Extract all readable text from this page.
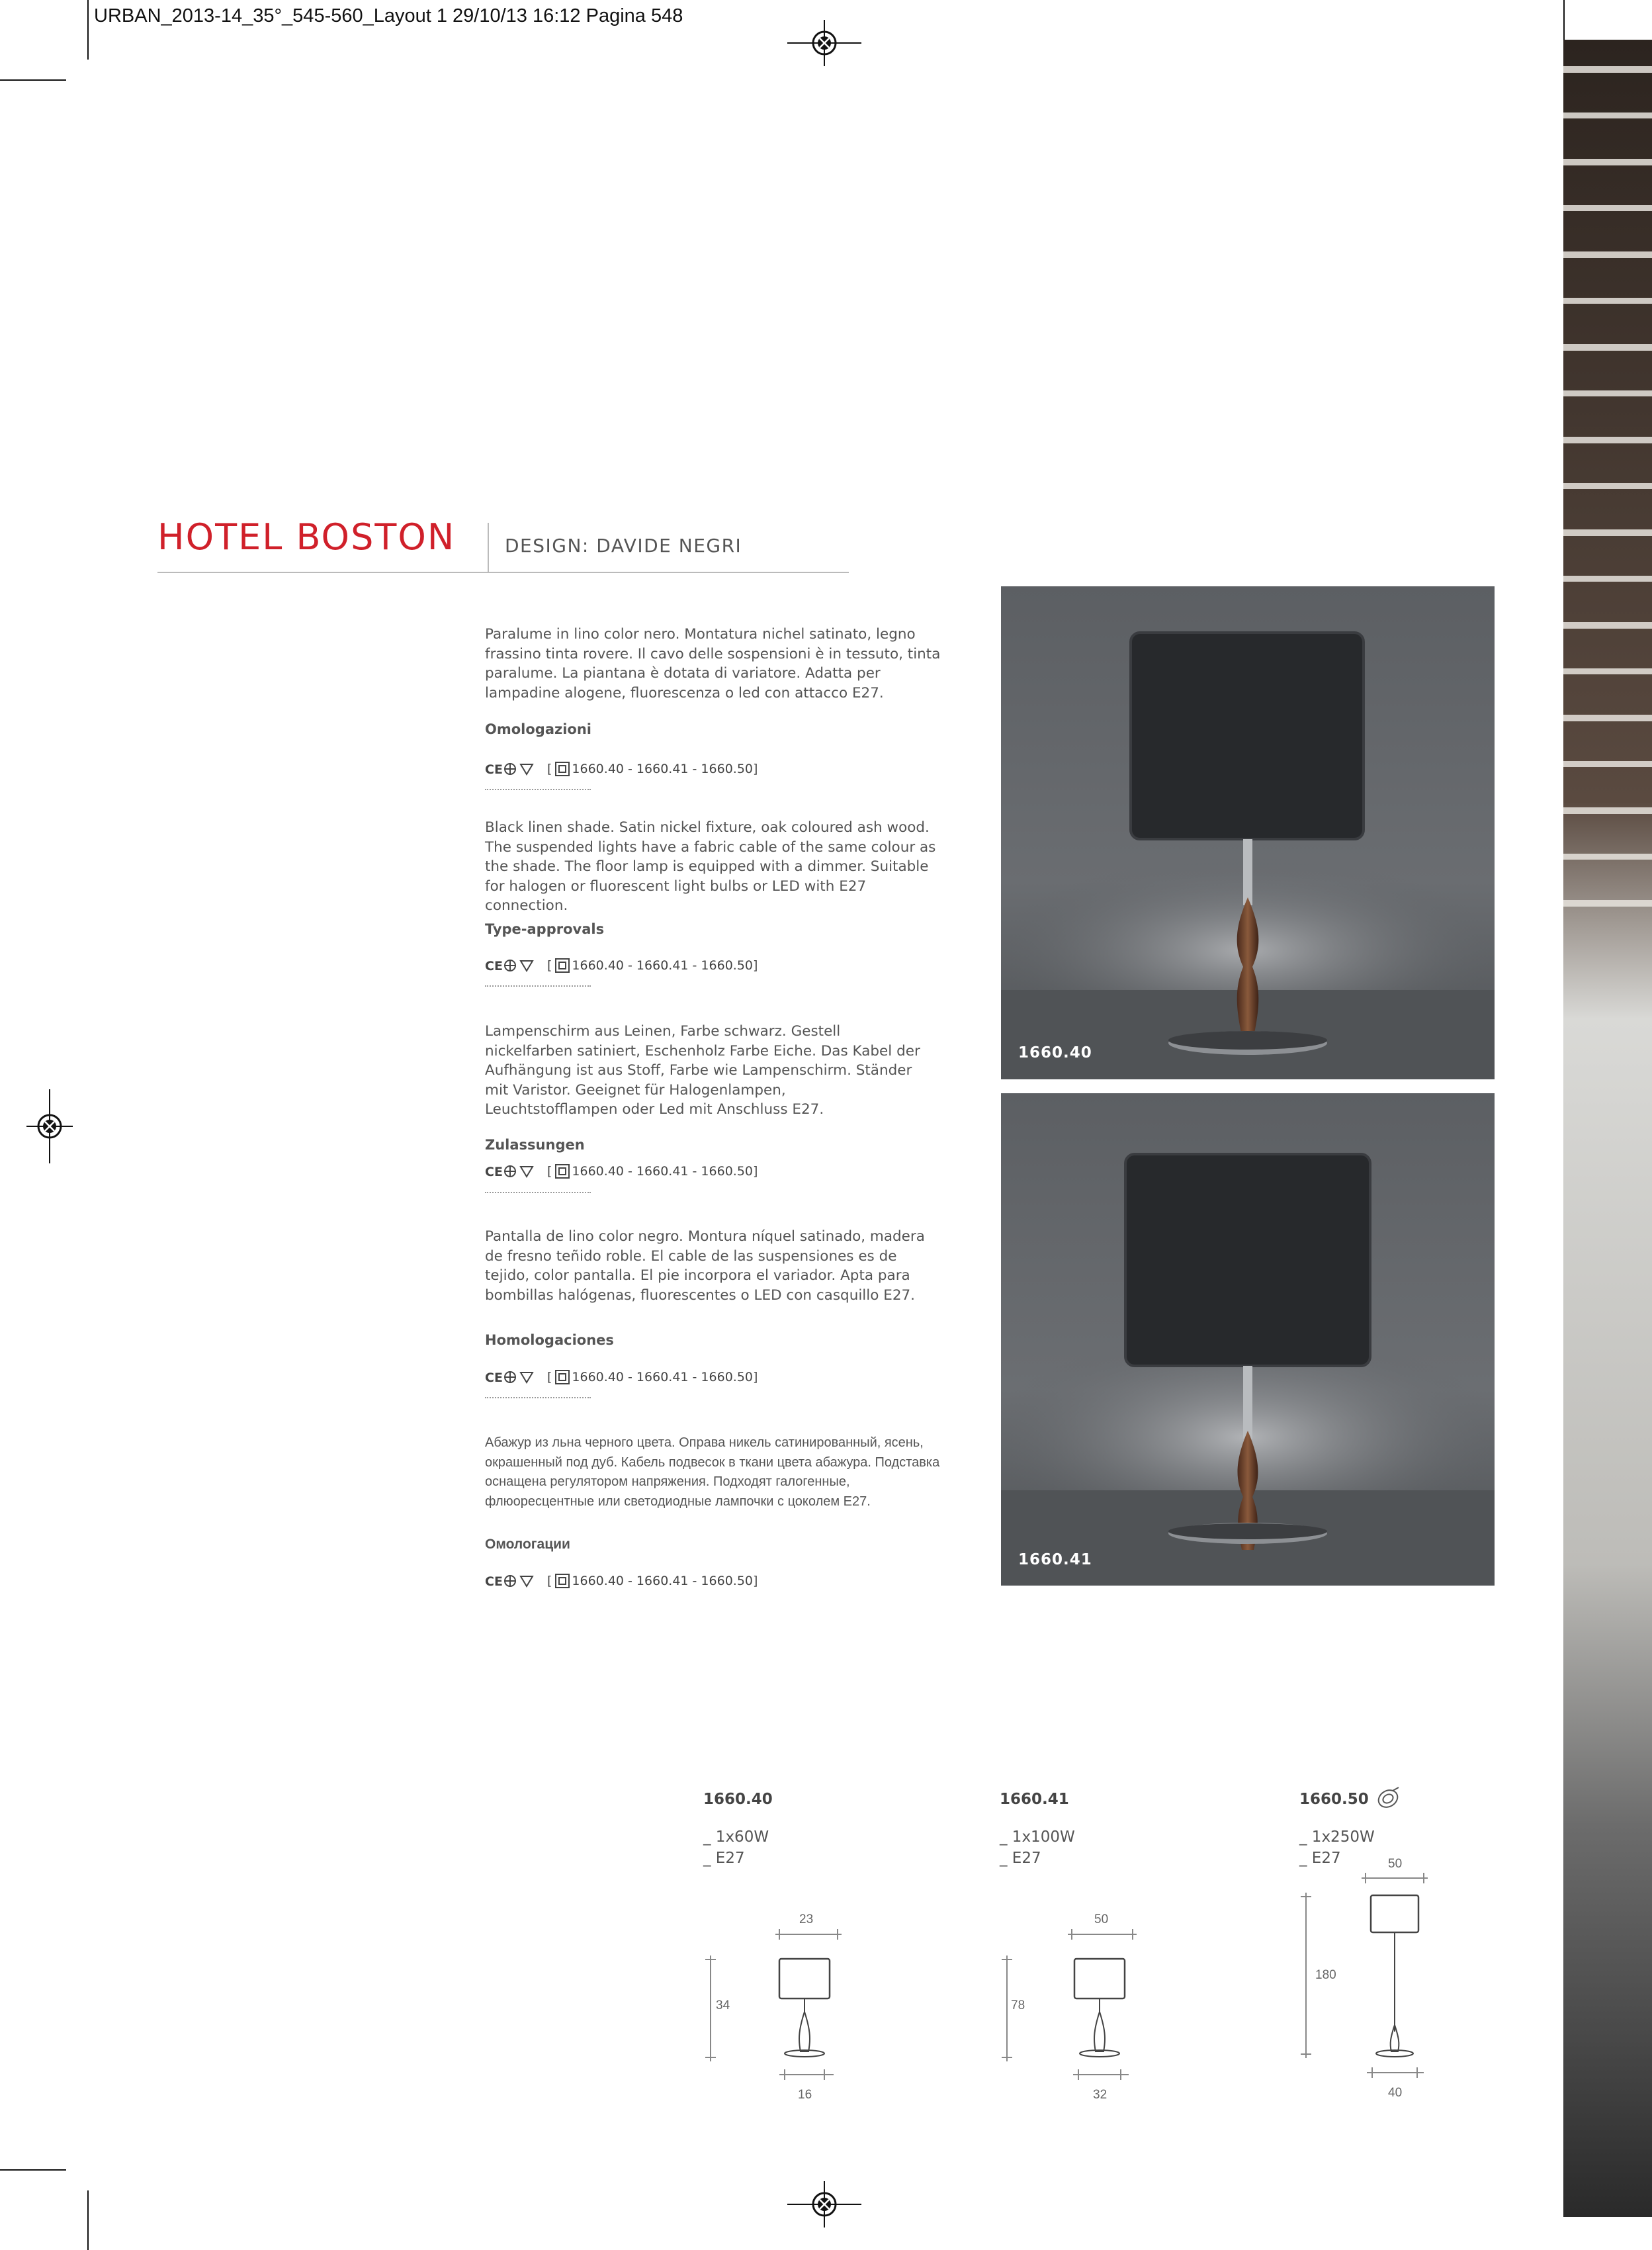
URBAN_2013-14_35°_545-560_Layout 1 29/10/13 16:12 Pagina 548
HOTEL BOSTON	DESIGN: DAVIDE NEGRI
Paralume in lino color nero. Montatura nichel satinato, legno frassino tinta rovere. Il cavo delle sospensioni è in tessuto, tinta paralume. La piantana è dotata di variatore. Adatta per lampadine alogene, fluorescenza o led con attacco E27.
Omologazioni
CE	[ 1660.40 - 1660.41 - 1660.50 ]
Black linen shade. Satin nickel fixture, oak coloured ash wood. The suspended lights have a fabric cable of the same colour as the shade. The floor lamp is equipped with a dimmer. Suitable for halogen or fluorescent light bulbs or LED with E27 connection.
Type-approvals
CE	[ 1660.40 - 1660.41 - 1660.50 ]
Lampenschirm aus Leinen, Farbe schwarz. Gestell nickelfarben satiniert, Eschenholz Farbe Eiche. Das Kabel der Aufhängung ist aus Stoff, Farbe wie Lampenschirm. Ständer mit Varistor. Geeignet für Halogenlampen, Leuchtstofflampen oder Led mit Anschluss E27.
Zulassungen
CE	[ 1660.40 - 1660.41 - 1660.50 ]
Pantalla de lino color negro. Montura níquel satinado, madera de fresno teñido roble. El cable de las suspensiones es de tejido, color pantalla. El pie incorpora el variador. Apta para bombillas halógenas, fluorescentes o LED con casquillo E27.
Homologaciones
CE	[ 1660.40 - 1660.41 - 1660.50 ]
Абажур из льна черного цвета. Оправа никель сатинированный, ясень, окрашенный под дуб. Кабель подвесок в ткани цвета абажура. Подставка оснащена регулятором напряжения. Подходят галогенные, флюоресцентные или светодиодные лампочки с цоколем E27.
Омологации
CE	[ 1660.40 - 1660.41 - 1660.50 ]
1660.40
1660.41
1660.40
_ 1x60W
_ E27
23
34
16
1660.41
_ 1x100W
_ E27
50
78
32
1660.50
_ 1x250W
_ E27	50
180
40
